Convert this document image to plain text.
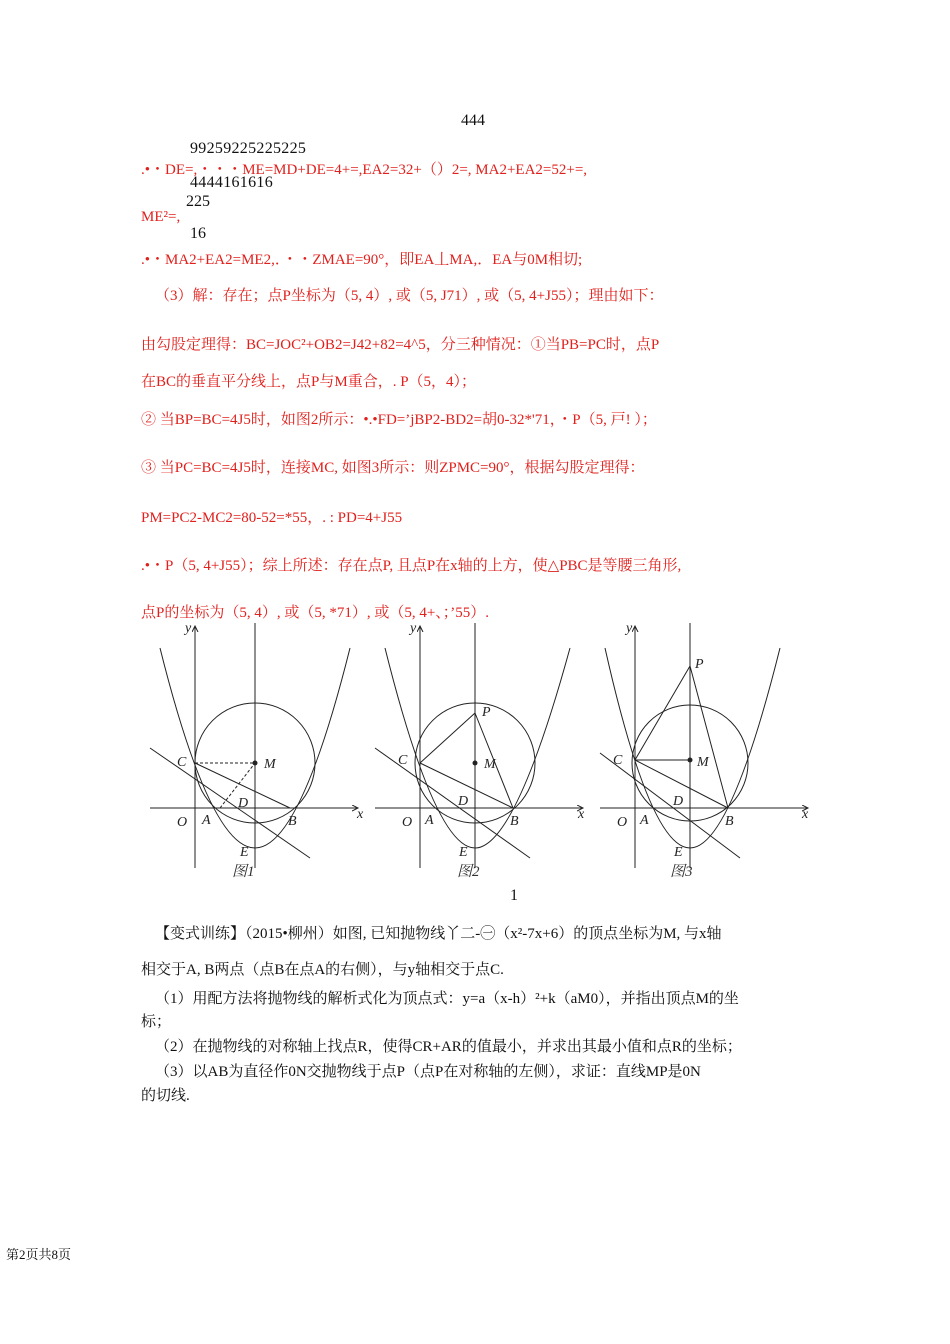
444
99259225225225
.•・DE=,・・・ME=MD+DE=4+=,EA2=32+（）2=, MA2+EA2=52+=,
4444161616
225
ME²=,
16
.•・MA2+EA2=ME2,．・・ZMAE=90°，即EA丄MA,．EA与0M相切;
（3）解：存在；点P坐标为（5, 4）, 或（5, J71）, 或（5, 4+J55）；理由如下：
由勾股定理得：BC=JOC²+OB2=J42+82=4^5，分三种情况：①当PB=PC时，点P
在BC的垂直平分线上，点P与M重合，. P（5，4）；
② 当BP=BC=4J5时，如图2所示：•.•FD=’jBP2-BD2=胡0-32*'71，・P（5, 戸! ）；
③ 当PC=BC=4J5时，连接MC, 如图3所示：则ZPMC=90°，根据勾股定理得：
PM=PC2-MC2=80-52=*55，. : PD=4+J55
.•・P（5, 4+J55）；综上所述：存在点P, 且点P在x轴的上方，使△PBC是等腰三角形,
点P的坐标为（5, 4）, 或（5, *71）, 或（5, 4+、；’55）.
y
x
O A	B
C
D
E
M
图1
y
x
O A	B
C
D
E
M
P
图2
y
x
O A	B
C
D
E
M
P
图3
1
【变式训练】（2015•柳州）如图, 已知抛物线丫二-㊀（x²-7x+6）的顶点坐标为M, 与x轴
相交于A, B两点（点B在点A的右侧），与y轴相交于点C.
（1）用配方法将抛物线的解析式化为顶点式：y=a（x-h）²+k（aM0），并指出顶点M的坐
标；
（2）在抛物线的对称轴上找点R，使得CR+AR的值最小，并求出其最小值和点R的坐标；
（3）以AB为直径作0N交抛物线于点P（点P在对称轴的左侧），求证：直线MP是0N
的切线.
第2页共8页
